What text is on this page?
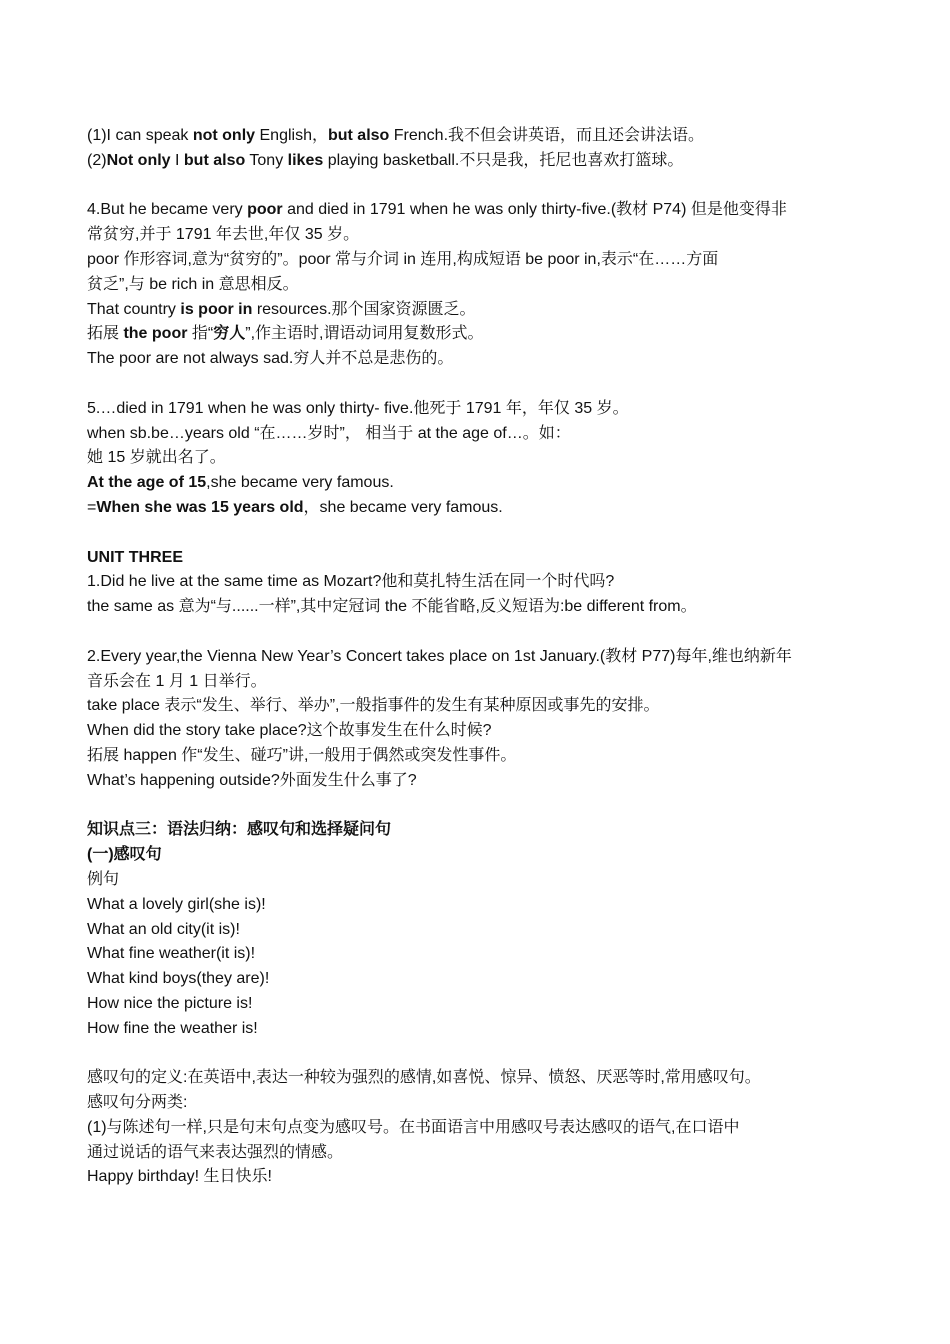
(1)I can speak not only English，but also French.我不但会讲英语，而且还会讲法语。
(2)Not only I but also Tony likes playing basketball.不只是我，托尼也喜欢打篮球。
4.But he became very poor and died in 1791 when he was only thirty-five.(教材 P74) 但是他变得非
常贫穷,并于 1791 年去世,年仅 35 岁。
poor 作形容词,意为“贫穷的”。poor 常与介词 in 连用,构成短语 be poor in,表示“在……方面
贫乏”,与 be rich in 意思相反。
That country is poor in resources.那个国家资源匮乏。
拓展 the poor 指“穷人”,作主语时,谓语动词用复数形式。
The poor are not always sad.穷人并不总是悲伤的。
5.…died in 1791 when he was only thirty- five.他死于 1791 年，年仅 35 岁。
when sb.be…years old “在……岁时”， 相当于 at the age of…。如：
她 15 岁就出名了。
At the age of 15,she became very famous.
=When she was 15 years old，she became very famous.
UNIT THREE
1.Did he live at the same time as Mozart?他和莫扎特生活在同一个时代吗?
the same as 意为“与......一样”,其中定冠词 the 不能省略,反义短语为:be different from。
2.Every year,the Vienna New Year’s Concert takes place on 1st January.(教材 P77)每年,维也纳新年
音乐会在 1 月 1 日举行。
take place 表示“发生、举行、举办”,一般指事件的发生有某种原因或事先的安排。
When did the story take place?这个故事发生在什么时候?
拓展 happen 作“发生、碰巧”讲,一般用于偶然或突发性事件。
What’s happening outside?外面发生什么事了?
知识点三：语法归纳：感叹句和选择疑问句
(一)感叹句
例句
What a lovely girl(she is)!
What an old city(it is)!
What fine weather(it is)!
What kind boys(they are)!
How nice the picture is!
How fine the weather is!
感叹句的定义:在英语中,表达一种较为强烈的感情,如喜悦、惊异、愤怒、厌恶等时,常用感叹句。
感叹句分两类:
(1)与陈述句一样,只是句末句点变为感叹号。在书面语言中用感叹号表达感叹的语气,在口语中
通过说话的语气来表达强烈的情感。
Happy birthday! 生日快乐!
